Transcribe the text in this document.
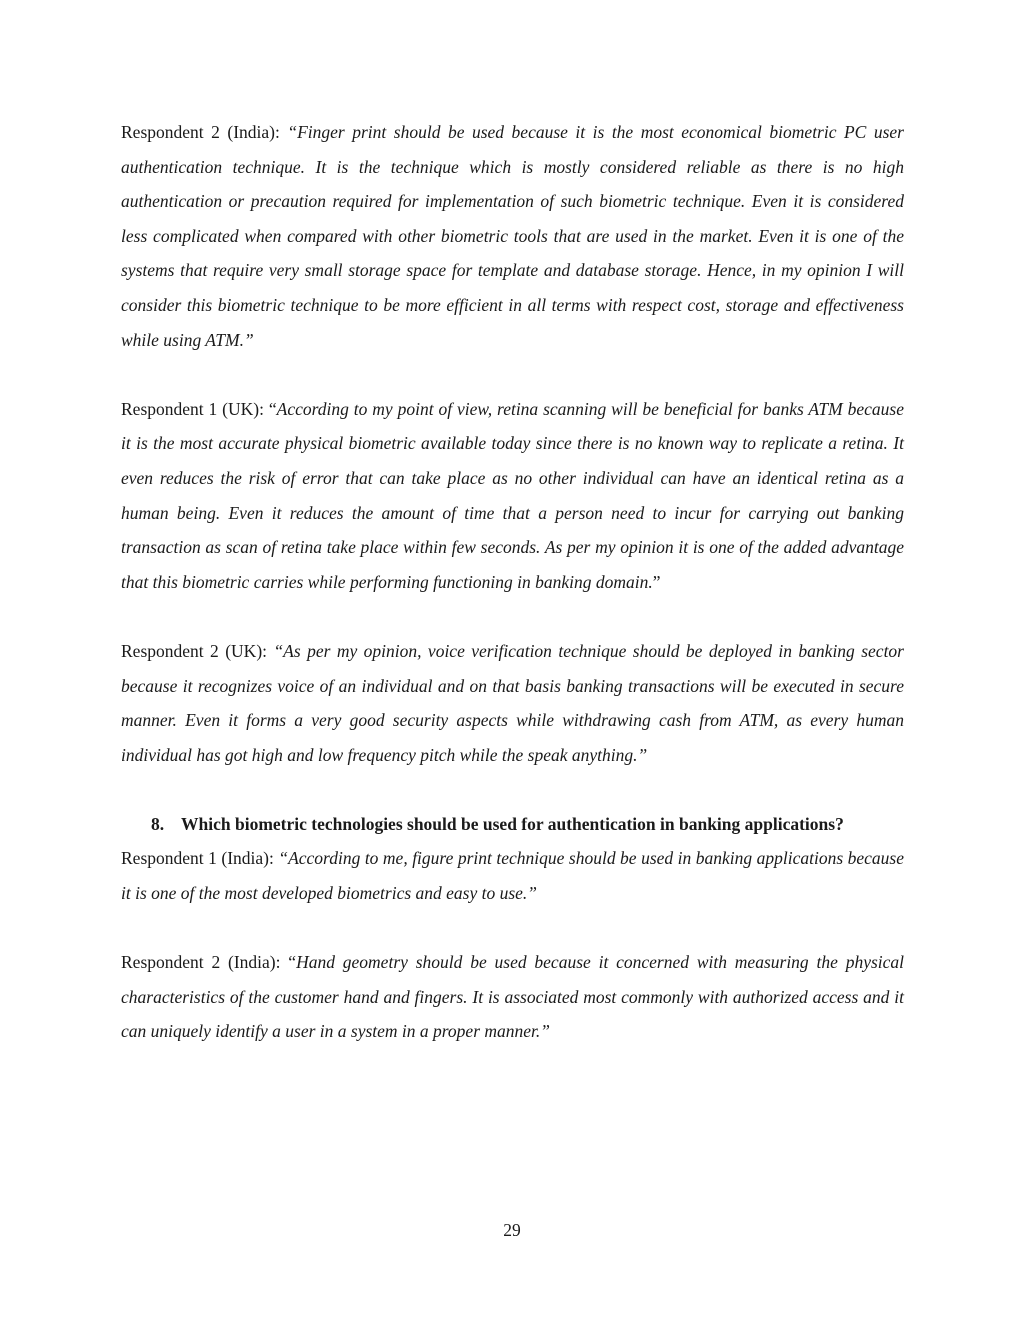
Respondent 2 (India): “Finger print should be used because it is the most economical biometric PC user authentication technique. It is the technique which is mostly considered reliable as there is no high authentication or precaution required for implementation of such biometric technique. Even it is considered less complicated when compared with other biometric tools that are used in the market. Even it is one of the systems that require very small storage space for template and database storage. Hence, in my opinion I will consider this biometric technique to be more efficient in all terms with respect cost, storage and effectiveness while using ATM.”

Respondent 1 (UK): “According to my point of view, retina scanning will be beneficial for banks ATM because it is the most accurate physical biometric available today since there is no known way to replicate a retina. It even reduces the risk of error that can take place as no other individual can have an identical retina as a human being. Even it reduces the amount of time that a person need to incur for carrying out banking transaction as scan of retina take place within few seconds. As per my opinion it is one of the added advantage that this biometric carries while performing functioning in banking domain.”

Respondent 2 (UK): “As per my opinion, voice verification technique should be deployed in banking sector because it recognizes voice of an individual and on that basis banking transactions will be executed in secure manner. Even it forms a very good security aspects while withdrawing cash from ATM, as every human individual has got high and low frequency pitch while the speak anything.”

8. Which biometric technologies should be used for authentication in banking applications?

Respondent 1 (India): “According to me, figure print technique should be used in banking applications because it is one of the most developed biometrics and easy to use.”

Respondent 2 (India): “Hand geometry should be used because it concerned with measuring the physical characteristics of the customer hand and fingers. It is associated most commonly with authorized access and it can uniquely identify a user in a system in a proper manner.”

29
